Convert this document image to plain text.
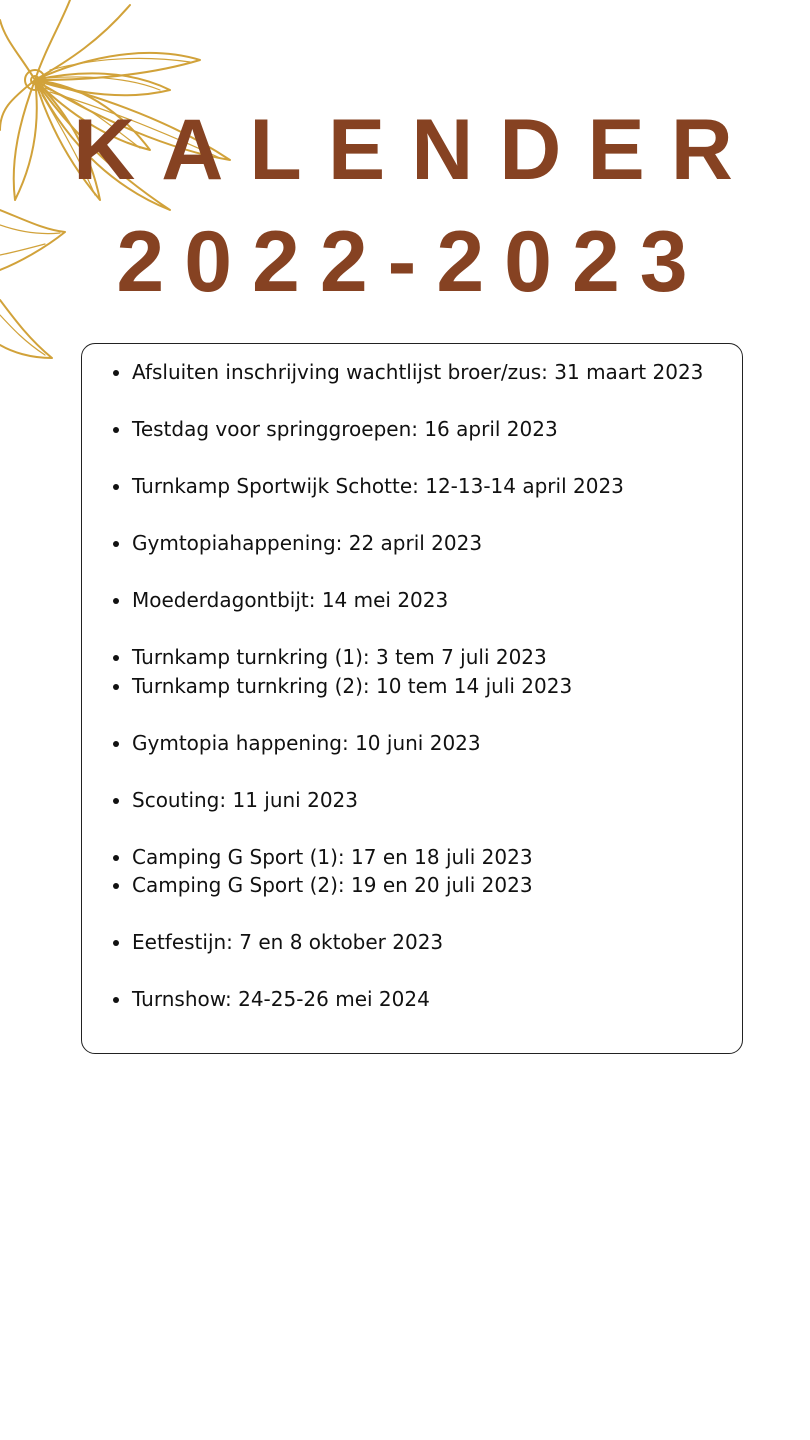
KALENDER
2022-2023
Afsluiten inschrijving wachtlijst broer/zus: 31 maart 2023
Testdag voor springgroepen: 16 april 2023
Turnkamp Sportwijk Schotte: 12-13-14 april 2023
Gymtopiahappening: 22 april 2023
Moederdagontbijt: 14 mei 2023
Turnkamp turnkring (1): 3 tem 7 juli 2023
Turnkamp turnkring (2): 10 tem 14 juli 2023
Gymtopia happening: 10 juni 2023
Scouting: 11 juni 2023
Camping G Sport (1): 17 en 18 juli 2023
Camping G Sport (2): 19 en 20 juli 2023
Eetfestijn: 7 en 8 oktober 2023
Turnshow: 24-25-26 mei 2024
